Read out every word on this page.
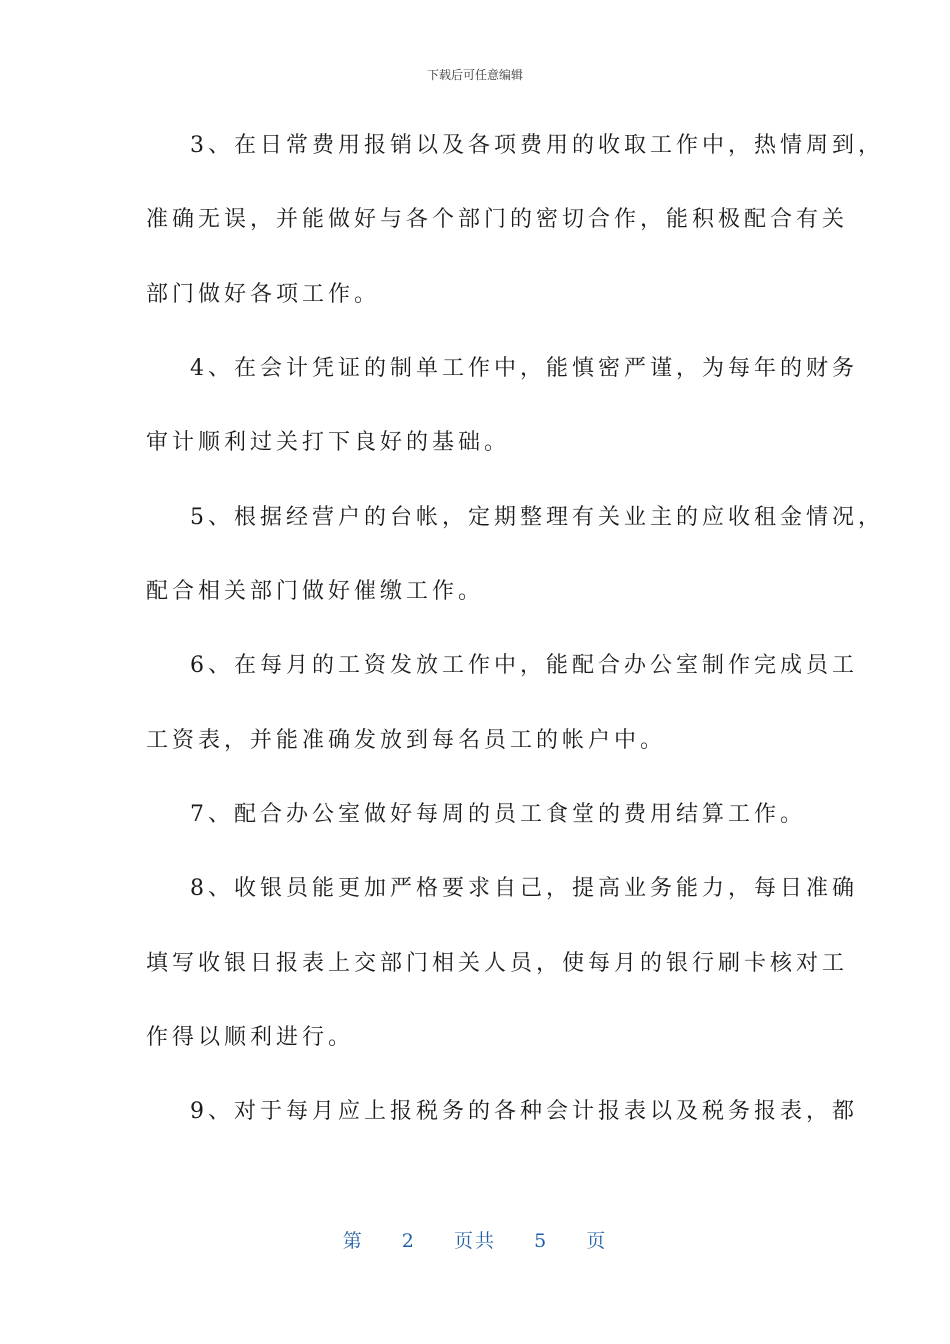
下载后可任意编辑
3、在日常费用报销以及各项费用的收取工作中，热情周到，
准确无误，并能做好与各个部门的密切合作，能积极配合有关
部门做好各项工作。
4、在会计凭证的制单工作中，能慎密严谨，为每年的财务
审计顺利过关打下良好的基础。
5、根据经营户的台帐，定期整理有关业主的应收租金情况，
配合相关部门做好催缴工作。
6、在每月的工资发放工作中，能配合办公室制作完成员工
工资表，并能准确发放到每名员工的帐户中。
7、配合办公室做好每周的员工食堂的费用结算工作。
8、收银员能更加严格要求自己，提高业务能力，每日准确
填写收银日报表上交部门相关人员，使每月的银行刷卡核对工
作得以顺利进行。
9、对于每月应上报税务的各种会计报表以及税务报表，都
第 2 页共 5 页
